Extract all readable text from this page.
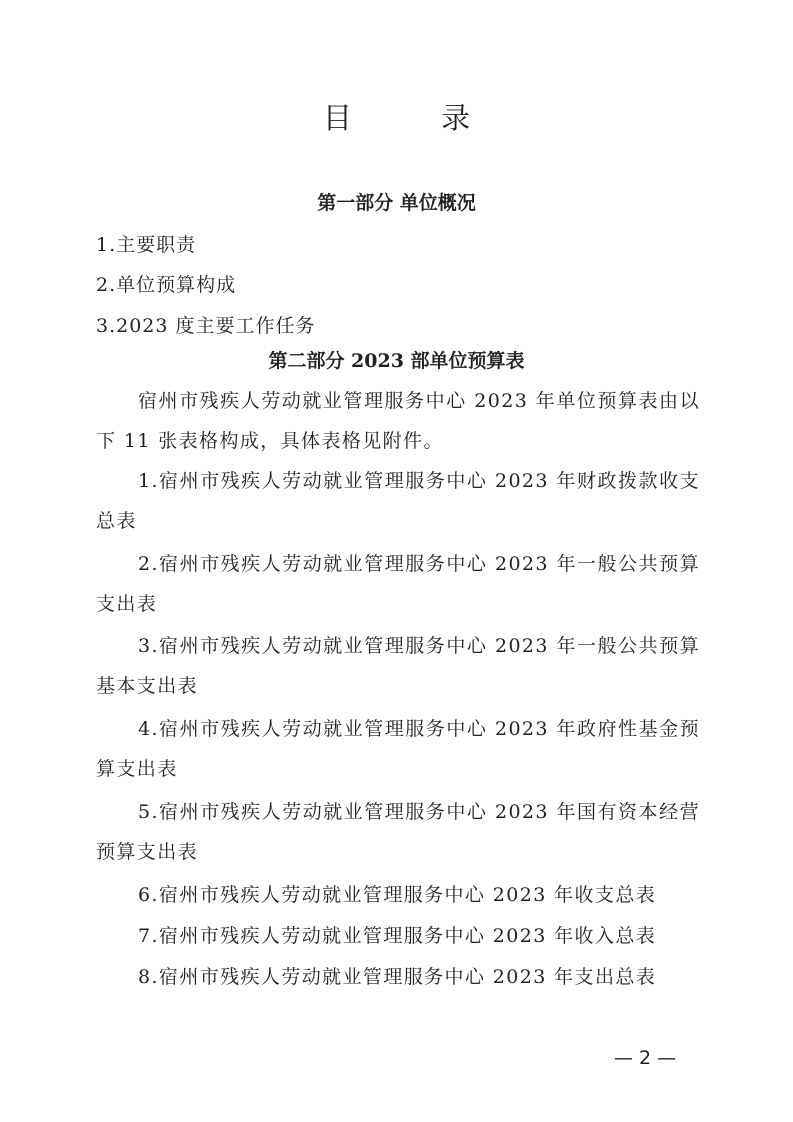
目 录
第一部分 单位概况
1.主要职责
2.单位预算构成
3.2023 度主要工作任务
第二部分 2023 部单位预算表
宿州市残疾人劳动就业管理服务中心 2023 年单位预算表由以下 11 张表格构成，具体表格见附件。
1.宿州市残疾人劳动就业管理服务中心 2023 年财政拨款收支总表
2.宿州市残疾人劳动就业管理服务中心 2023 年一般公共预算支出表
3.宿州市残疾人劳动就业管理服务中心 2023 年一般公共预算基本支出表
4.宿州市残疾人劳动就业管理服务中心 2023 年政府性基金预算支出表
5.宿州市残疾人劳动就业管理服务中心 2023 年国有资本经营预算支出表
6.宿州市残疾人劳动就业管理服务中心 2023 年收支总表
7.宿州市残疾人劳动就业管理服务中心 2023 年收入总表
8.宿州市残疾人劳动就业管理服务中心 2023 年支出总表
— 2 —
